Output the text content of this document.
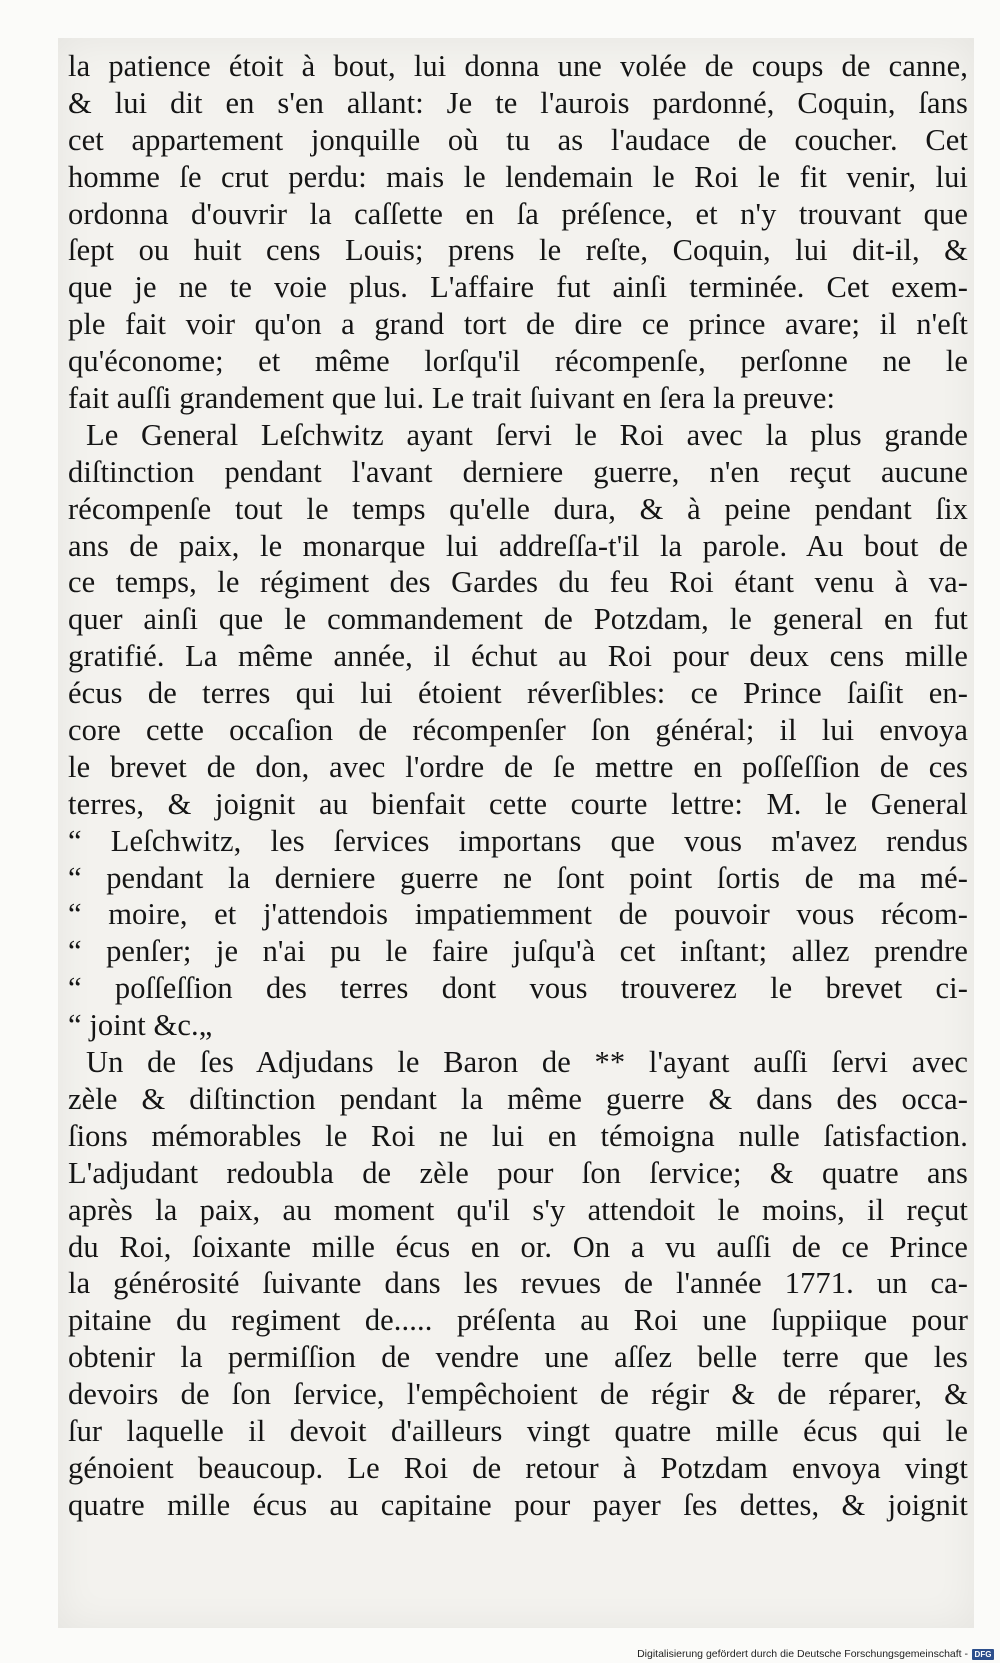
la patience étoit à bout, lui donna une volée de coups de canne,
& lui dit en s'en allant: Je te l'aurois pardonné, Coquin, ſans
cet appartement jonquille où tu as l'audace de coucher. Cet
homme ſe crut perdu: mais le lendemain le Roi le fit venir, lui
ordonna d'ouvrir la caſſette en ſa préſence, et n'y trouvant que
ſept ou huit cens Louis; prens le reſte, Coquin, lui dit-il, &
que je ne te voie plus. L'affaire fut ainſi terminée. Cet exem-
ple fait voir qu'on a grand tort de dire ce prince avare; il n'eſt
qu'économe; et même lorſqu'il récompenſe, perſonne ne le
fait auſſi grandement que lui. Le trait ſuivant en ſera la preuve:
Le General Leſchwitz ayant ſervi le Roi avec la plus grande
diſtinction pendant l'avant derniere guerre, n'en reçut aucune
récompenſe tout le temps qu'elle dura, & à peine pendant ſix
ans de paix, le monarque lui addreſſa-t'il la parole. Au bout de
ce temps, le régiment des Gardes du feu Roi étant venu à va-
quer ainſi que le commandement de Potzdam, le general en fut
gratifié. La même année, il échut au Roi pour deux cens mille
écus de terres qui lui étoient réverſibles: ce Prince ſaiſit en-
core cette occaſion de récompenſer ſon général; il lui envoya
le brevet de don, avec l'ordre de ſe mettre en poſſeſſion de ces
terres, & joignit au bienfait cette courte lettre: M. le General
“ Leſchwitz, les ſervices importans que vous m'avez rendus
“ pendant la derniere guerre ne ſont point ſortis de ma mé-
“ moire, et j'attendois impatiemment de pouvoir vous récom-
“ penſer; je n'ai pu le faire juſqu'à cet inſtant; allez prendre
“ poſſeſſion des terres dont vous trouverez le brevet ci-
“ joint &c.„
Un de ſes Adjudans le Baron de ** l'ayant auſſi ſervi avec
zèle & diſtinction pendant la même guerre & dans des occa-
ſions mémorables le Roi ne lui en témoigna nulle ſatisfaction.
L'adjudant redoubla de zèle pour ſon ſervice; & quatre ans
après la paix, au moment qu'il s'y attendoit le moins, il reçut
du Roi, ſoixante mille écus en or. On a vu auſſi de ce Prince
la générosité ſuivante dans les revues de l'année 1771. un ca-
pitaine du regiment de..... préſenta au Roi une ſuppiique pour
obtenir la permiſſion de vendre une aſſez belle terre que les
devoirs de ſon ſervice, l'empêchoient de régir & de réparer, &
ſur laquelle il devoit d'ailleurs vingt quatre mille écus qui le
génoient beaucoup. Le Roi de retour à Potzdam envoya vingt
quatre mille écus au capitaine pour payer ſes dettes, & joignit
Digitalisierung gefördert durch die Deutsche Forschungsgemeinschaft - DFG
